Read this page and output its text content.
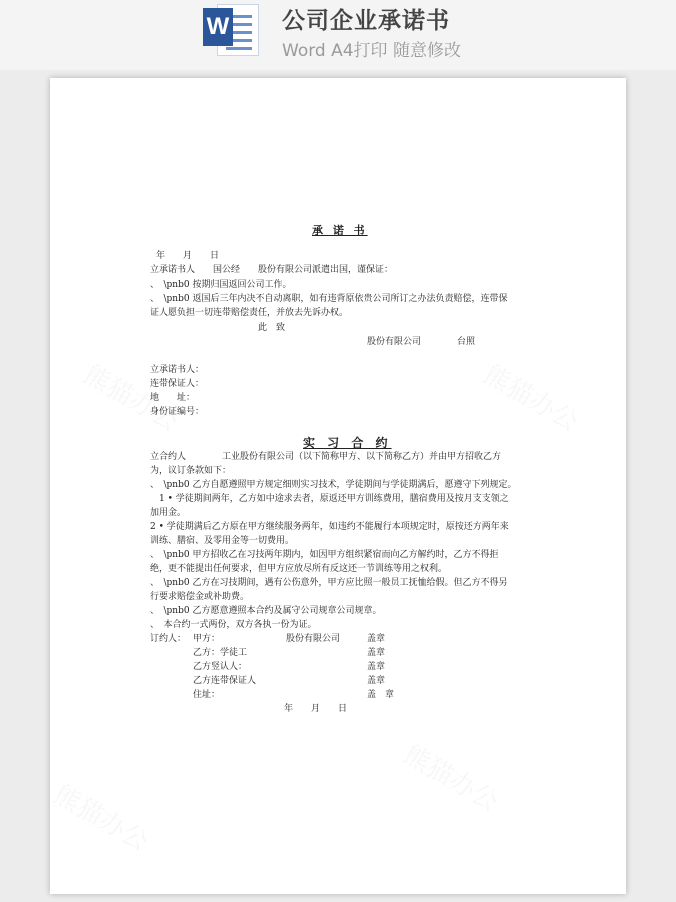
W 公司企业承诺书
Word A4打印 随意修改
承 诺 书
年　　月　　日
立承诺书人　　国公经　　股份有限公司派遣出国，谨保证：
、　\pnb0 按期归国返回公司工作。
、　\pnb0 返国后三年内决不自动离职，如有违背原依贵公司所订之办法负责赔偿，连带保
证人愿负担一切连带赔偿责任，并放去先诉办权。
此　致
股份有限公司	台照
立承诺书人：
连带保证人：
地　　址：
身份证编号：
实 习 合 约
立合约人　　　　工业股份有限公司（以下简称甲方、以下简称乙方）并由甲方招收乙方
为，议订条款如下：
、　\pnb0 乙方自愿遵照甲方规定细则实习技术，学徒期间与学徒期满后，愿遵守下列规定。
　1 • 学徒期间两年，乙方如中途求去者，原返还甲方训练费用，膳宿费用及按月支支领之
加用金。
2 • 学徒期满后乙方原在甲方继续服务两年，如违约不能履行本项规定时，原按还方两年来
训练、膳宿、及零用金等一切费用。
、　\pnb0 甲方招收乙在习技两年期内，如因甲方组织紧宿而向乙方解约时，乙方不得拒
绝，更不能提出任何要求，但甲方应放尽所有反这还一节训练等用之权利。
、　\pnb0 乙方在习技期间，遇有公伤意外，甲方应比照一般员工抚恤给假。但乙方不得另
行要求赔偿金或补助费。
、　\pnb0 乙方愿意遵照本合约及属守公司规章公司规章。
、　本合约一式两份，双方各执一份为证。
订约人： 甲方：	股份有限公司	盖章
乙方：学徒工	盖章
乙方竖认人：	盖章
乙方连带保证人	盖章
住址：	盖　章
年　　月　　日
